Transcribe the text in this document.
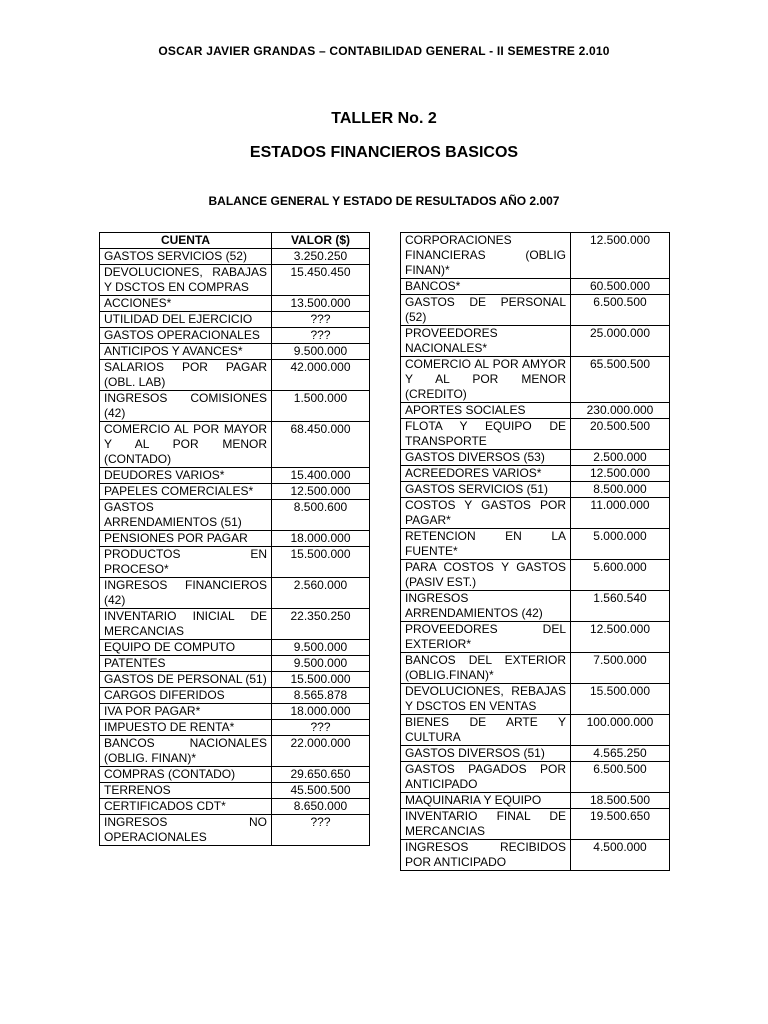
OSCAR JAVIER GRANDAS – CONTABILIDAD GENERAL - II SEMESTRE 2.010
TALLER No. 2
ESTADOS FINANCIEROS BASICOS
BALANCE GENERAL Y ESTADO DE RESULTADOS AÑO 2.007
CUENTA	VALOR ($)
GASTOS SERVICIOS (52)	3.250.250
DEVOLUCIONES, RABAJAS Y DSCTOS EN COMPRAS	15.450.450
ACCIONES*	13.500.000
UTILIDAD DEL EJERCICIO	???
GASTOS OPERACIONALES	???
ANTICIPOS Y AVANCES*	9.500.000
SALARIOS POR PAGAR (OBL. LAB)	42.000.000
INGRESOS COMISIONES (42)	1.500.000
COMERCIO AL POR MAYOR Y AL POR MENOR (CONTADO)	68.450.000
DEUDORES VARIOS*	15.400.000
PAPELES COMERCIALES*	12.500.000
GASTOS ARRENDAMIENTOS (51)	8.500.600
PENSIONES POR PAGAR	18.000.000
PRODUCTOS EN PROCESO*	15.500.000
INGRESOS FINANCIEROS (42)	2.560.000
INVENTARIO INICIAL DE MERCANCIAS	22.350.250
EQUIPO DE COMPUTO	9.500.000
PATENTES	9.500.000
GASTOS DE PERSONAL (51)	15.500.000
CARGOS DIFERIDOS	8.565.878
IVA POR PAGAR*	18.000.000
IMPUESTO DE RENTA*	???
BANCOS NACIONALES (OBLIG. FINAN)*	22.000.000
COMPRAS (CONTADO)	29.650.650
TERRENOS	45.500.500
CERTIFICADOS CDT*	8.650.000
INGRESOS NO OPERACIONALES	???
CORPORACIONES FINANCIERAS (OBLIG FINAN)*	12.500.000
BANCOS*	60.500.000
GASTOS DE PERSONAL (52)	6.500.500
PROVEEDORES NACIONALES*	25.000.000
COMERCIO AL POR AMYOR Y AL POR MENOR (CREDITO)	65.500.500
APORTES SOCIALES	230.000.000
FLOTA Y EQUIPO DE TRANSPORTE	20.500.500
GASTOS DIVERSOS (53)	2.500.000
ACREEDORES VARIOS*	12.500.000
GASTOS SERVICIOS (51)	8.500.000
COSTOS Y GASTOS POR PAGAR*	11.000.000
RETENCION EN LA FUENTE*	5.000.000
PARA COSTOS Y GASTOS (PASIV EST.)	5.600.000
INGRESOS ARRENDAMIENTOS (42)	1.560.540
PROVEEDORES DEL EXTERIOR*	12.500.000
BANCOS DEL EXTERIOR (OBLIG.FINAN)*	7.500.000
DEVOLUCIONES, REBAJAS Y DSCTOS EN VENTAS	15.500.000
BIENES DE ARTE Y CULTURA	100.000.000
GASTOS DIVERSOS (51)	4.565.250
GASTOS PAGADOS POR ANTICIPADO	6.500.500
MAQUINARIA Y EQUIPO	18.500.500
INVENTARIO FINAL DE MERCANCIAS	19.500.650
INGRESOS RECIBIDOS POR ANTICIPADO	4.500.000
